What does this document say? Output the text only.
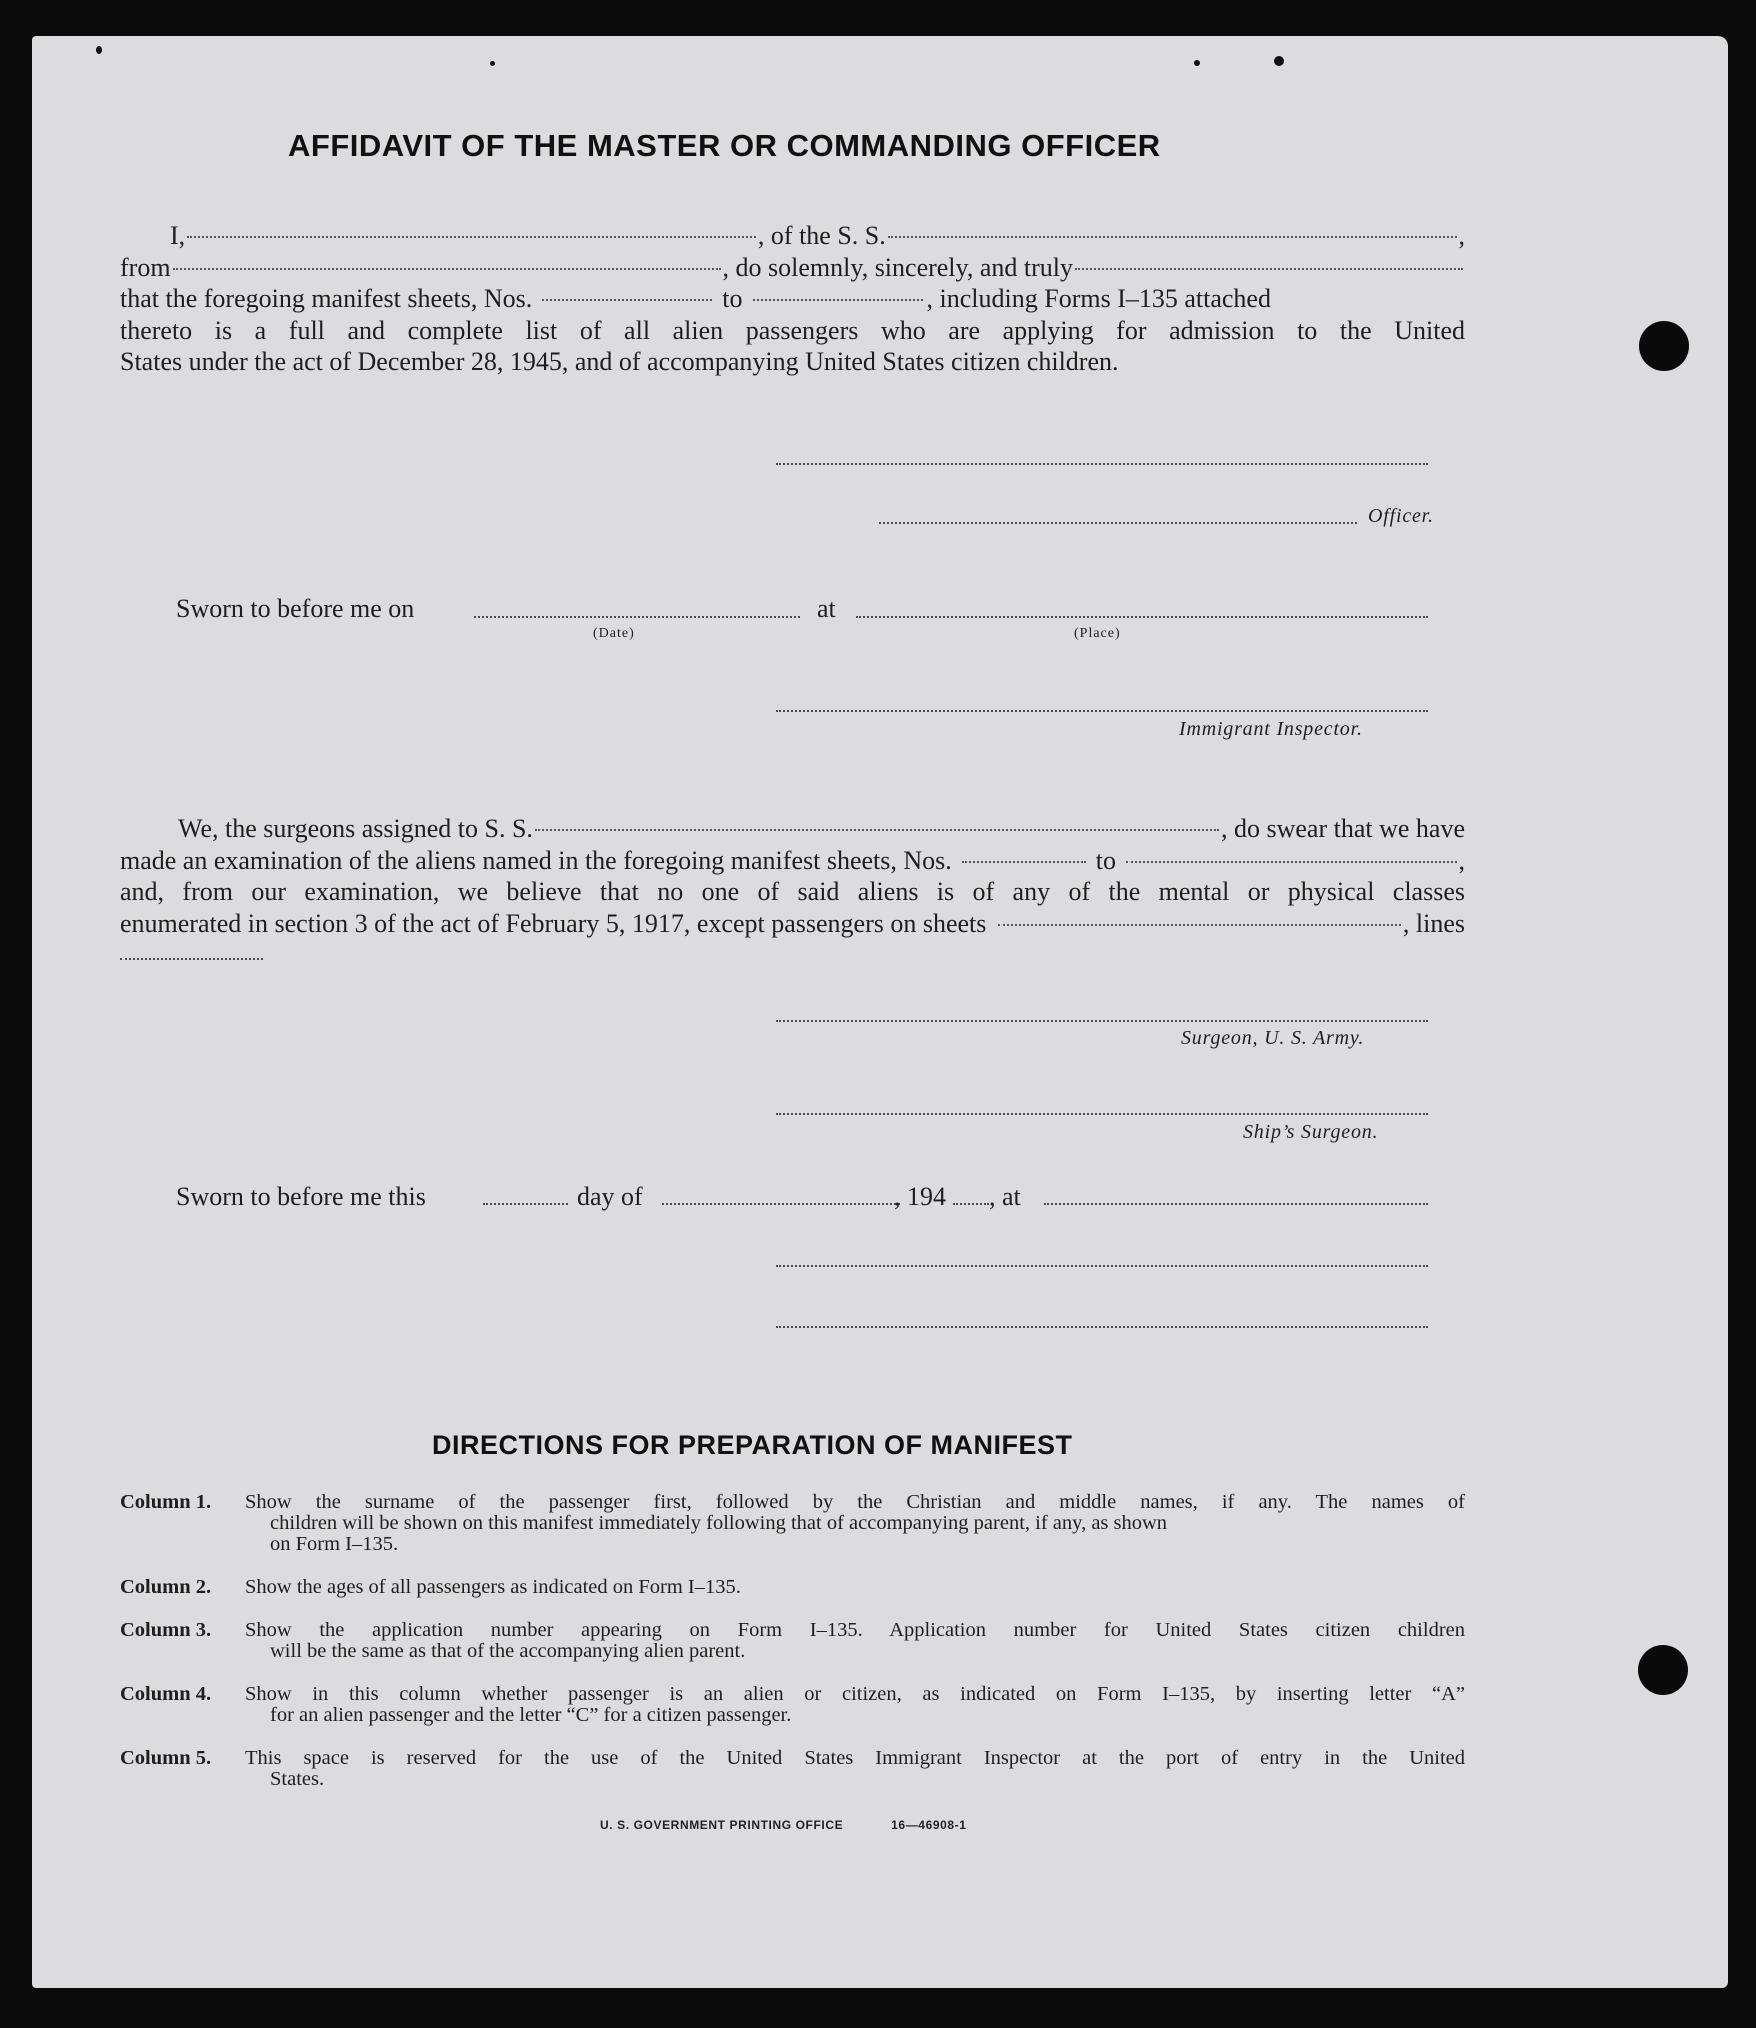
AFFIDAVIT OF THE MASTER OR COMMANDING OFFICER
I,	, of the S. S.	,
from	, do solemnly, sincerely, and truly
that the foregoing manifest sheets, Nos.	to	, including Forms I–135 attached
thereto is a full and complete list of all alien passengers who are applying for admission to the United
States under the act of December 28, 1945, and of accompanying United States citizen children.
Officer.
Sworn to before me on	at
(Date)	(Place)
Immigrant Inspector.
We, the surgeons assigned to S. S.	, do swear that we have
made an examination of the aliens named in the foregoing manifest sheets, Nos.	to	,
and, from our examination, we believe that no one of said aliens is of any of the mental or physical classes
enumerated in section 3 of the act of February 5, 1917, except passengers on sheets	, lines
Surgeon, U. S. Army.
Ship’s Surgeon.
Sworn to before me this	day of	, 194 , at
DIRECTIONS FOR PREPARATION OF MANIFEST
Column 1.	Show the surname of the passenger first, followed by the Christian and middle names, if any. The names of
children will be shown on this manifest immediately following that of accompanying parent, if any, as shown
on Form I–135.
Column 2.	Show the ages of all passengers as indicated on Form I–135.
Column 3.	Show the application number appearing on Form I–135. Application number for United States citizen children
will be the same as that of the accompanying alien parent.
Column 4.	Show in this column whether passenger is an alien or citizen, as indicated on Form I–135, by inserting letter “A”
for an alien passenger and the letter “C” for a citizen passenger.
Column 5.	This space is reserved for the use of the United States Immigrant Inspector at the port of entry in the United
States.
U. S. GOVERNMENT PRINTING OFFICE	16—46908-1
